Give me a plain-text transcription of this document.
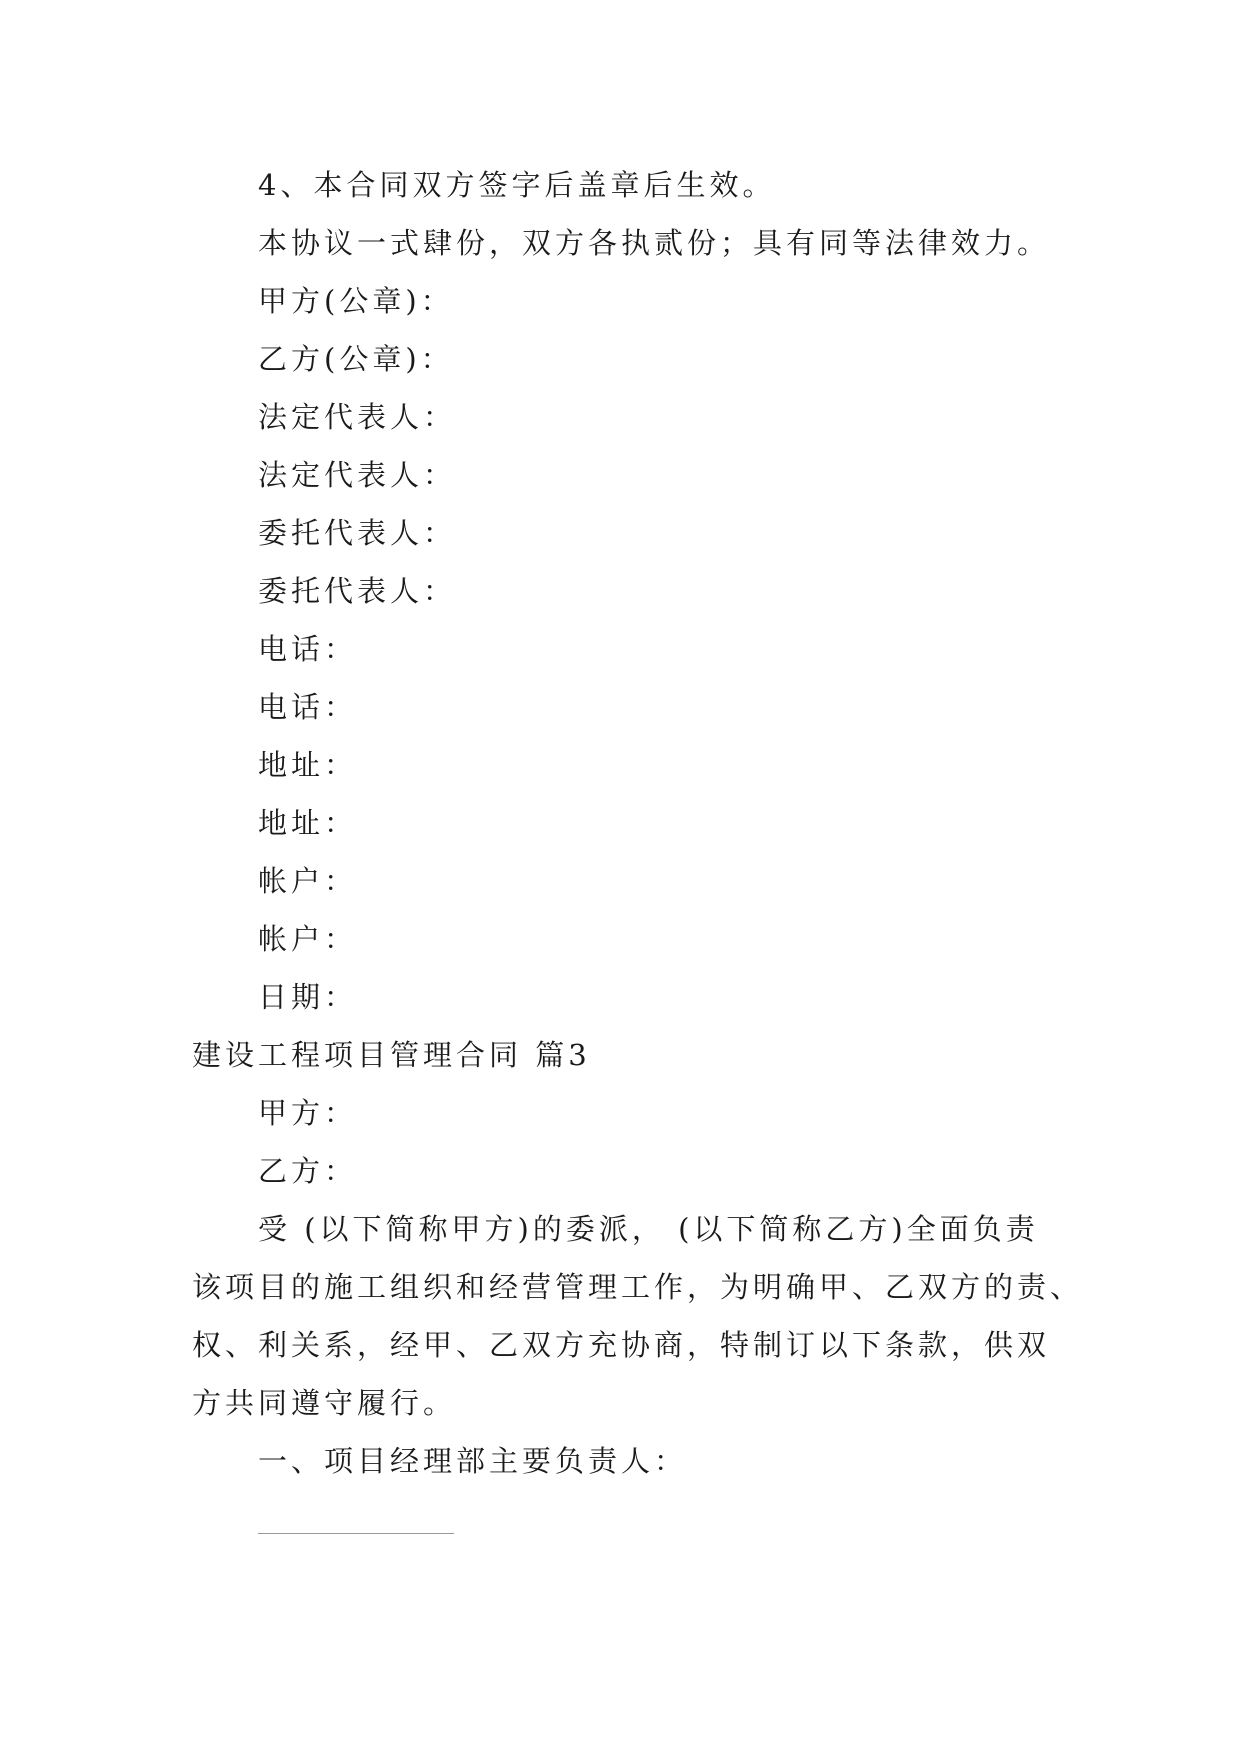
4、本合同双方签字后盖章后生效。
本协议一式肆份，双方各执贰份；具有同等法律效力。
甲方(公章)：
乙方(公章)：
法定代表人：
法定代表人：
委托代表人：
委托代表人：
电话：
电话：
地址：
地址：
帐户：
帐户：
日期：
建设工程项目管理合同 篇3
甲方：
乙方：
受 (以下简称甲方)的委派， (以下简称乙方)全面负责
该项目的施工组织和经营管理工作，为明确甲、乙双方的责、
权、利关系，经甲、乙双方充协商，特制订以下条款，供双
方共同遵守履行。
一、项目经理部主要负责人：
